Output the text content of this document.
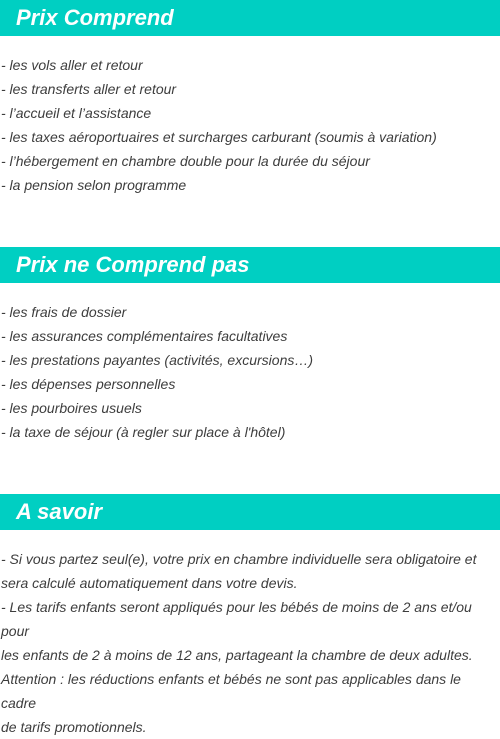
Prix Comprend
- les vols aller et retour
- les transferts aller et retour
- l’accueil et l’assistance
- les taxes aéroportuaires et surcharges carburant (soumis à variation)
- l’hébergement en chambre double pour la durée du séjour
- la pension selon programme
Prix ne Comprend pas
- les frais de dossier
- les assurances complémentaires facultatives
- les prestations payantes (activités, excursions…)
- les dépenses personnelles
- les pourboires usuels
- la taxe de séjour (à regler sur place à l'hôtel)
A savoir
- Si vous partez seul(e), votre prix en chambre individuelle sera obligatoire et
sera calculé automatiquement dans votre devis.
- Les tarifs enfants seront appliqués pour les bébés de moins de 2 ans et/ou pour
les enfants de 2 à moins de 12 ans, partageant la chambre de deux adultes.
Attention : les réductions enfants et bébés ne sont pas applicables dans le cadre
de tarifs promotionnels.
